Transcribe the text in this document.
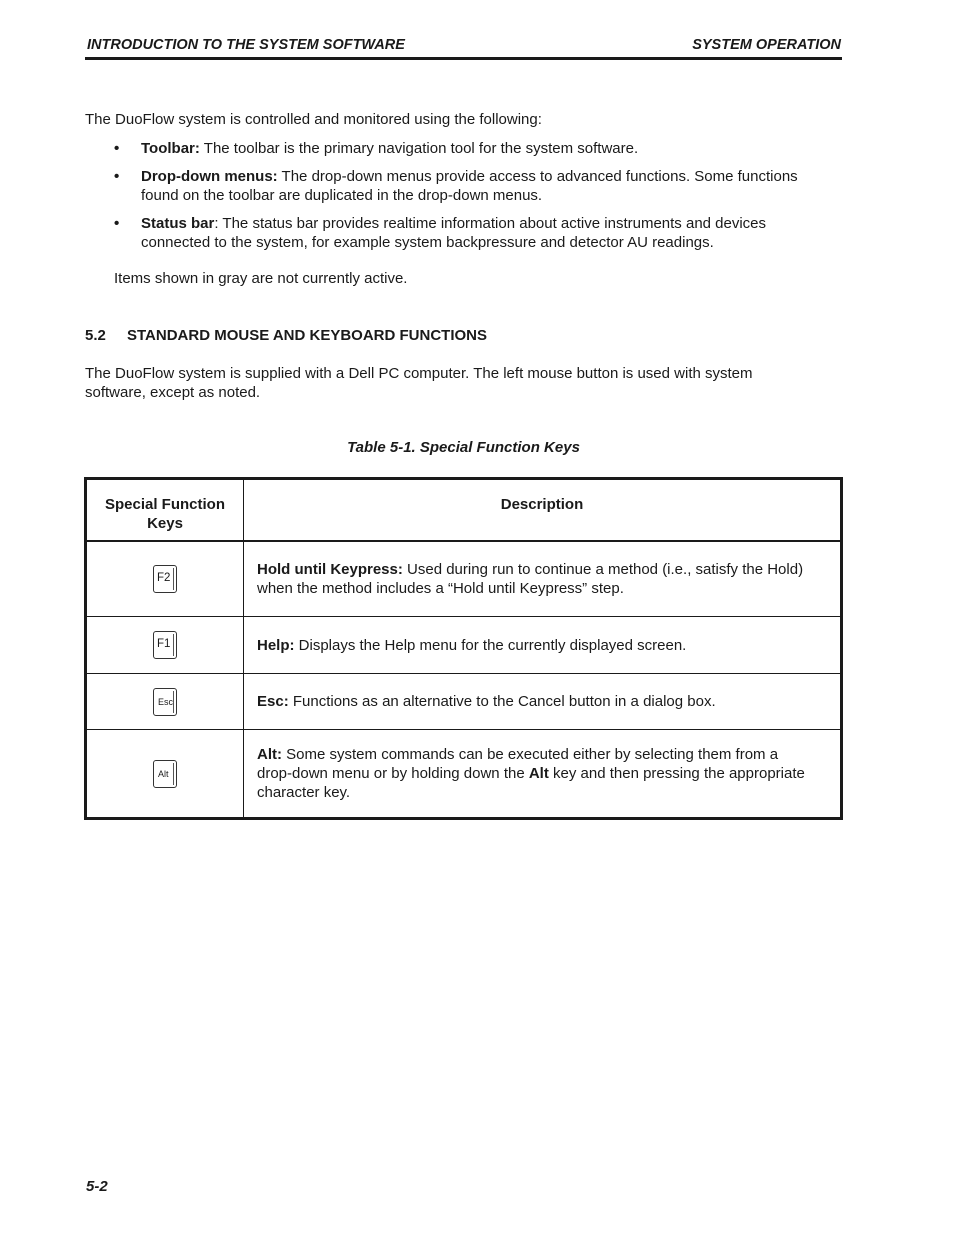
INTRODUCTION TO THE SYSTEM SOFTWARE	SYSTEM OPERATION

The DuoFlow system is controlled and monitored using the following:

• Toolbar: The toolbar is the primary navigation tool for the system software.
• Drop-down menus: The drop-down menus provide access to advanced functions. Some functions found on the toolbar are duplicated in the drop-down menus.
• Status bar: The status bar provides realtime information about active instruments and devices connected to the system, for example system backpressure and detector AU readings.

Items shown in gray are not currently active.

5.2 STANDARD MOUSE AND KEYBOARD FUNCTIONS

The DuoFlow system is supplied with a Dell PC computer. The left mouse button is used with system software, except as noted.

Table 5-1. Special Function Keys

Special Function Keys	Description
F2	Hold until Keypress: Used during run to continue a method (i.e., satisfy the Hold) when the method includes a “Hold until Keypress” step.
F1	Help: Displays the Help menu for the currently displayed screen.
Esc	Esc: Functions as an alternative to the Cancel button in a dialog box.
Alt	Alt: Some system commands can be executed either by selecting them from a drop-down menu or by holding down the Alt key and then pressing the appropriate character key.

5-2
